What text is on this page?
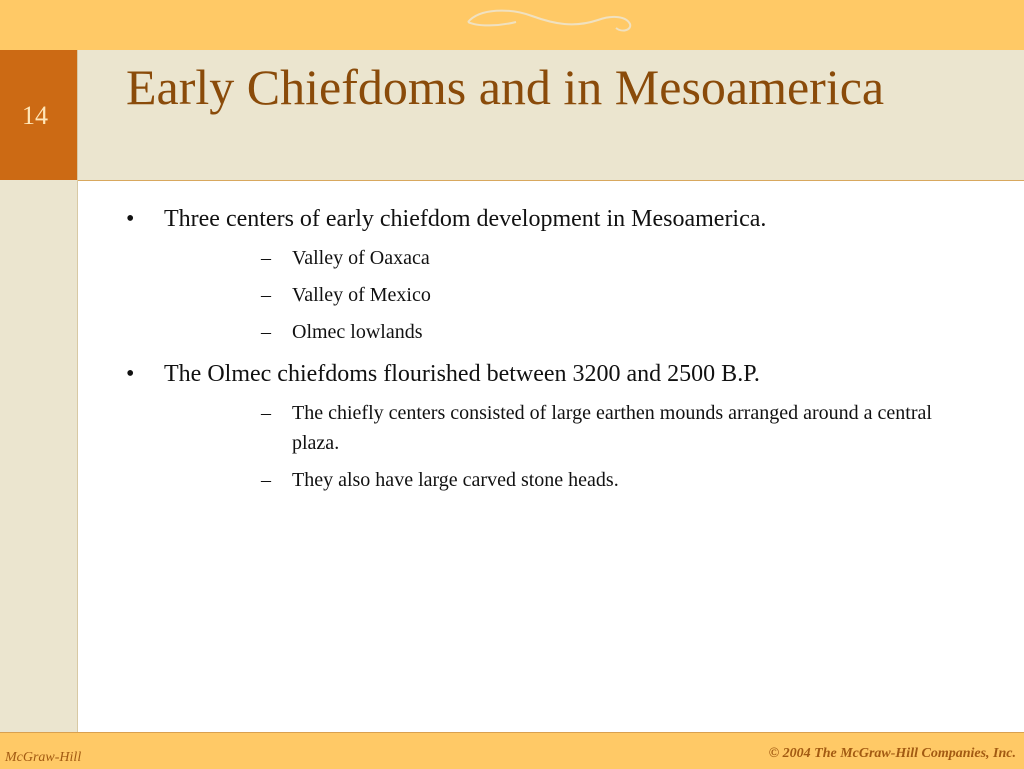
14
Early Chiefdoms and in Mesoamerica
• Three centers of early chiefdom development in Mesoamerica.
– Valley of Oaxaca
– Valley of Mexico
– Olmec lowlands
• The Olmec chiefdoms flourished between 3200 and 2500 B.P.
– The chiefly centers consisted of large earthen mounds arranged around a central plaza.
– They also have large carved stone heads.
McGraw-Hill	© 2004 The McGraw-Hill Companies, Inc.
